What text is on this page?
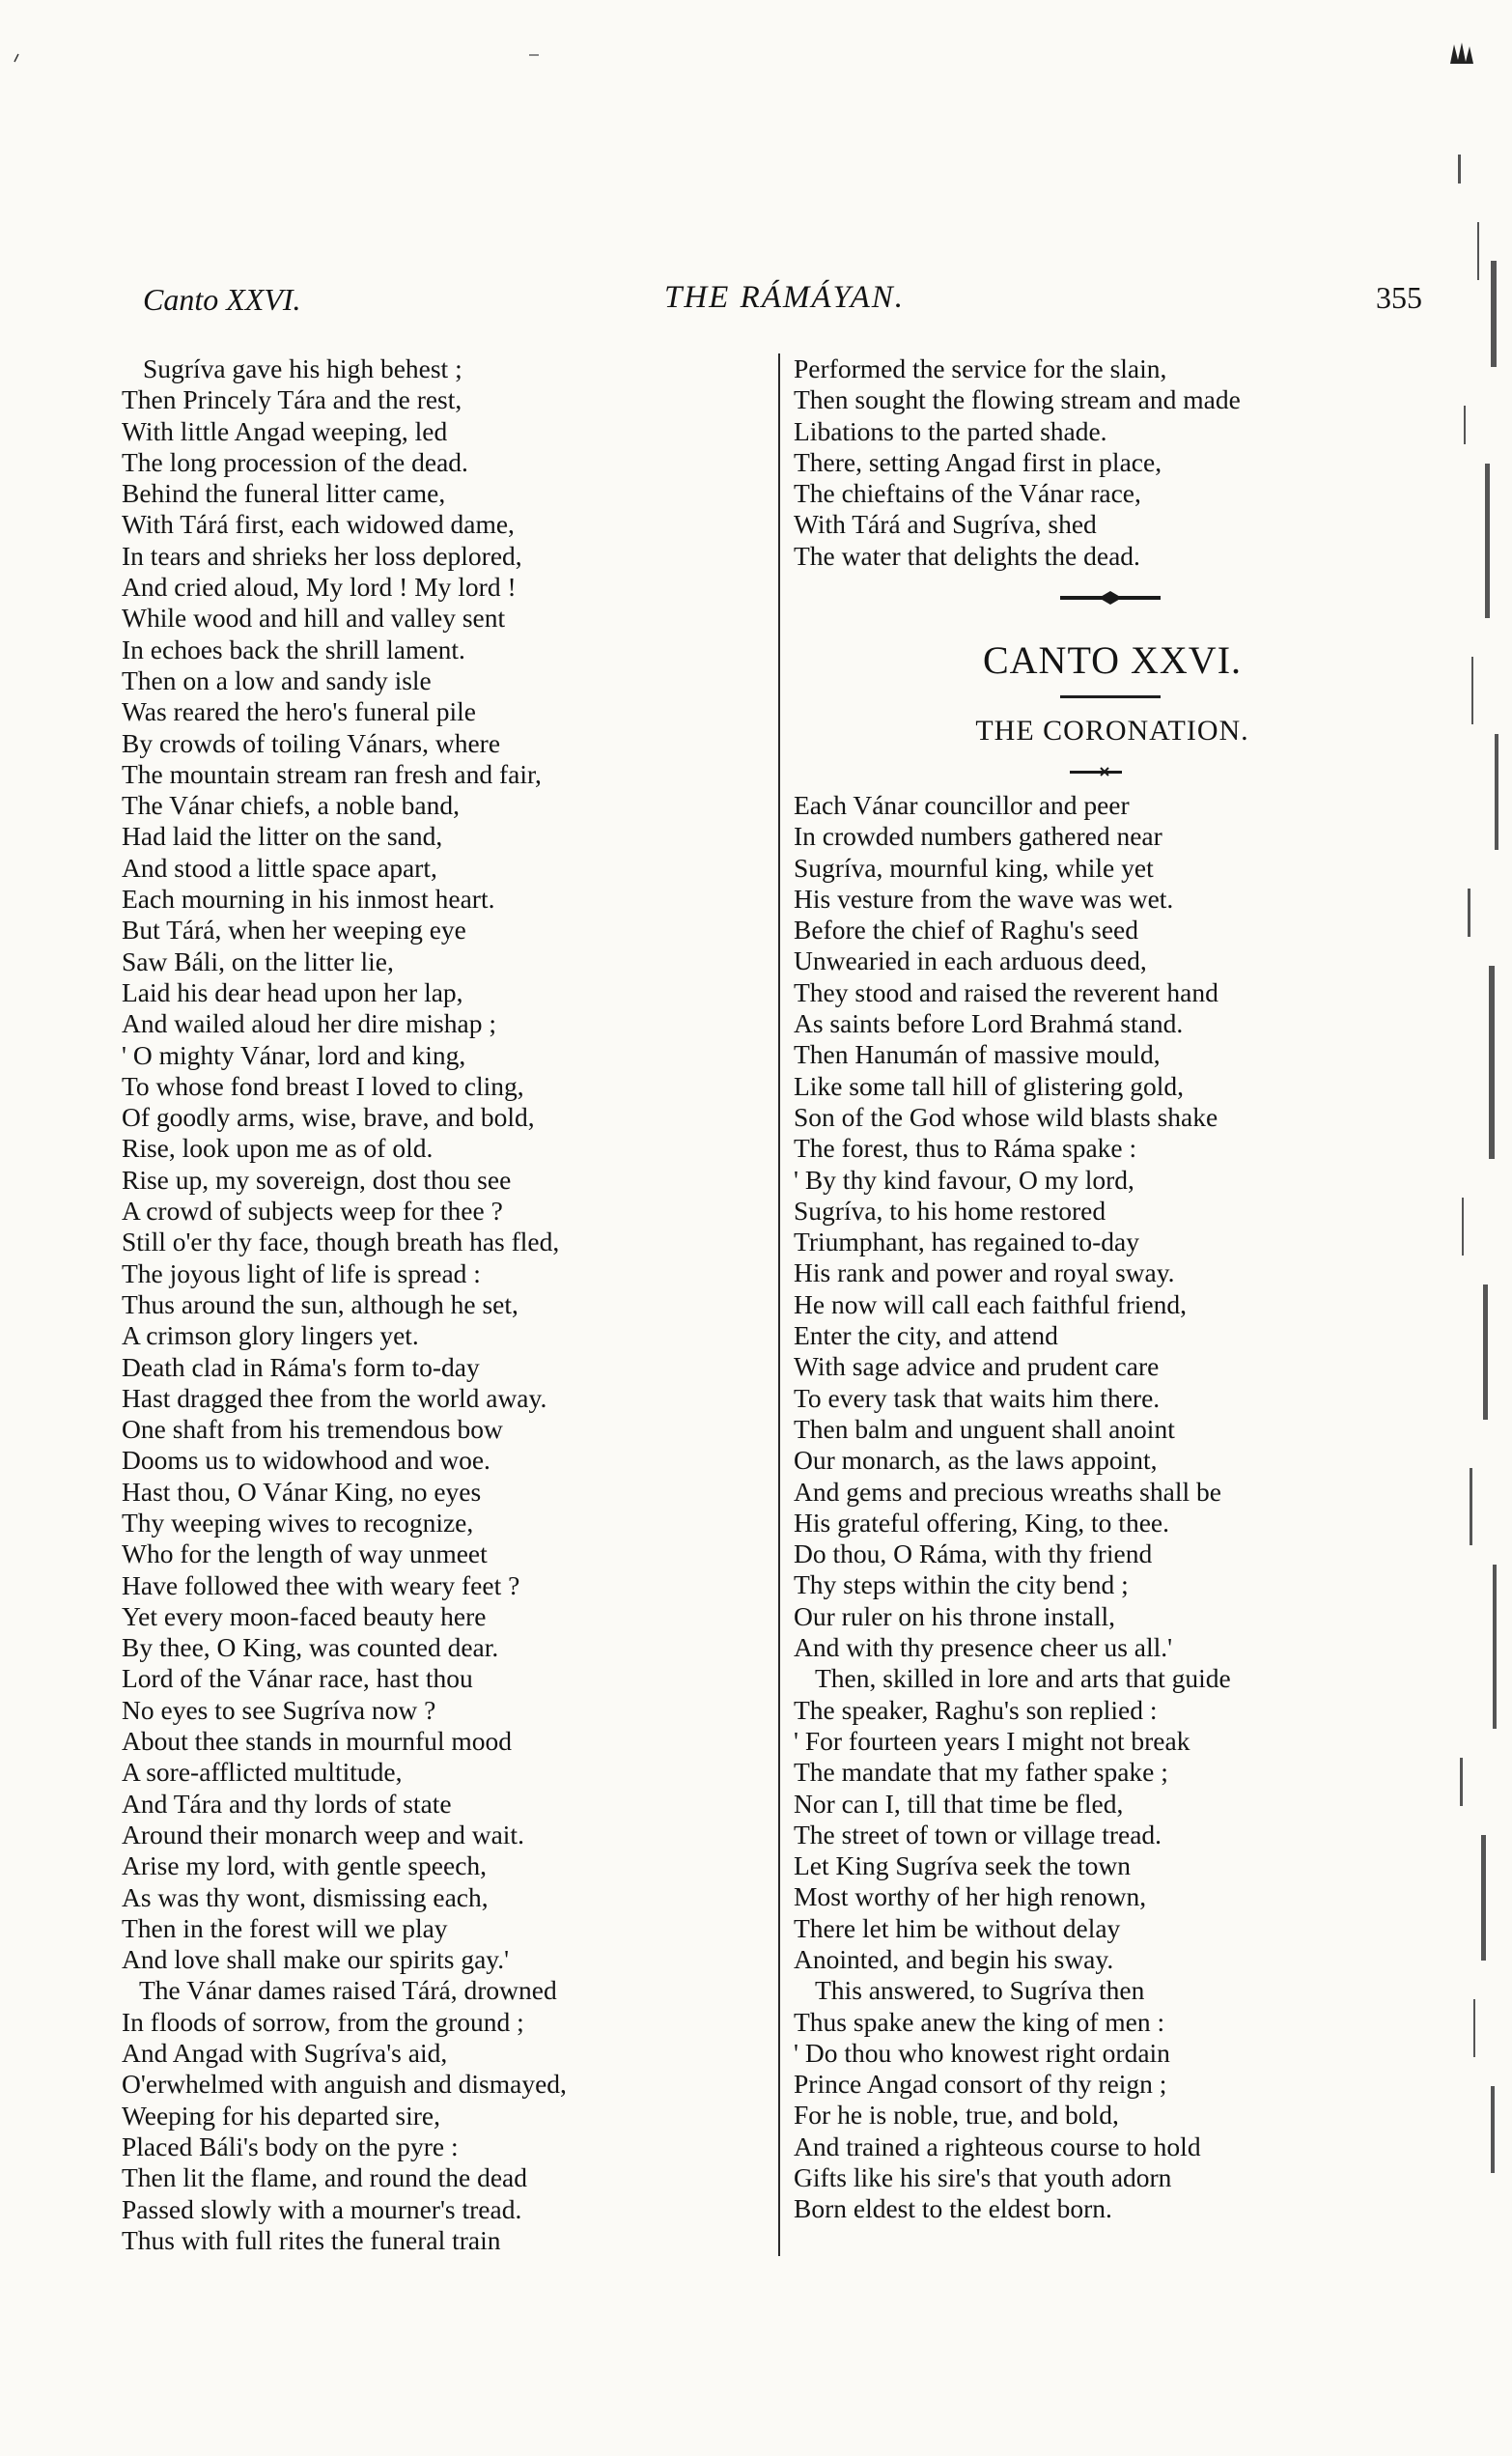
Canto XXVI.	THE RÁMÁYAN.	355
Sugríva gave his high behest ;
Then Princely Tára and the rest,
With little Angad weeping, led
The long procession of the dead.
Behind the funeral litter came,
With Tárá first, each widowed dame,
In tears and shrieks her loss deplored,
And cried aloud, My lord ! My lord !
While wood and hill and valley sent
In echoes back the shrill lament.
Then on a low and sandy isle
Was reared the hero's funeral pile
By crowds of toiling Vánars, where
The mountain stream ran fresh and fair,
The Vánar chiefs, a noble band,
Had laid the litter on the sand,
And stood a little space apart,
Each mourning in his inmost heart.
But Tárá, when her weeping eye
Saw Báli, on the litter lie,
Laid his dear head upon her lap,
And wailed aloud her dire mishap ;
' O mighty Vánar, lord and king,
To whose fond breast I loved to cling,
Of goodly arms, wise, brave, and bold,
Rise, look upon me as of old.
Rise up, my sovereign, dost thou see
A crowd of subjects weep for thee ?
Still o'er thy face, though breath has fled,
The joyous light of life is spread :
Thus around the sun, although he set,
A crimson glory lingers yet.
Death clad in Ráma's form to-day
Hast dragged thee from the world away.
One shaft from his tremendous bow
Dooms us to widowhood and woe.
Hast thou, O Vánar King, no eyes
Thy weeping wives to recognize,
Who for the length of way unmeet
Have followed thee with weary feet ?
Yet every moon-faced beauty here
By thee, O King, was counted dear.
Lord of the Vánar race, hast thou
No eyes to see Sugríva now ?
About thee stands in mournful mood
A sore-afflicted multitude,
And Tára and thy lords of state
Around their monarch weep and wait.
Arise my lord, with gentle speech,
As was thy wont, dismissing each,
Then in the forest will we play
And love shall make our spirits gay.'
The Vánar dames raised Tárá, drowned
In floods of sorrow, from the ground ;
And Angad with Sugríva's aid,
O'erwhelmed with anguish and dismayed,
Weeping for his departed sire,
Placed Báli's body on the pyre :
Then lit the flame, and round the dead
Passed slowly with a mourner's tread.
Thus with full rites the funeral train
Performed the service for the slain,
Then sought the flowing stream and made
Libations to the parted shade.
There, setting Angad first in place,
The chieftains of the Vánar race,
With Tárá and Sugríva, shed
The water that delights the dead.
CANTO XXVI.
THE CORONATION.
Each Vánar councillor and peer
In crowded numbers gathered near
Sugríva, mournful king, while yet
His vesture from the wave was wet.
Before the chief of Raghu's seed
Unwearied in each arduous deed,
They stood and raised the reverent hand
As saints before Lord Brahmá stand.
Then Hanumán of massive mould,
Like some tall hill of glistering gold,
Son of the God whose wild blasts shake
The forest, thus to Ráma spake :
' By thy kind favour, O my lord,
Sugríva, to his home restored
Triumphant, has regained to-day
His rank and power and royal sway.
He now will call each faithful friend,
Enter the city, and attend
With sage advice and prudent care
To every task that waits him there.
Then balm and unguent shall anoint
Our monarch, as the laws appoint,
And gems and precious wreaths shall be
His grateful offering, King, to thee.
Do thou, O Ráma, with thy friend
Thy steps within the city bend ;
Our ruler on his throne install,
And with thy presence cheer us all.'
Then, skilled in lore and arts that guide
The speaker, Raghu's son replied :
' For fourteen years I might not break
The mandate that my father spake ;
Nor can I, till that time be fled,
The street of town or village tread.
Let King Sugríva seek the town
Most worthy of her high renown,
There let him be without delay
Anointed, and begin his sway.
This answered, to Sugríva then
Thus spake anew the king of men :
' Do thou who knowest right ordain
Prince Angad consort of thy reign ;
For he is noble, true, and bold,
And trained a righteous course to hold
Gifts like his sire's that youth adorn
Born eldest to the eldest born.
